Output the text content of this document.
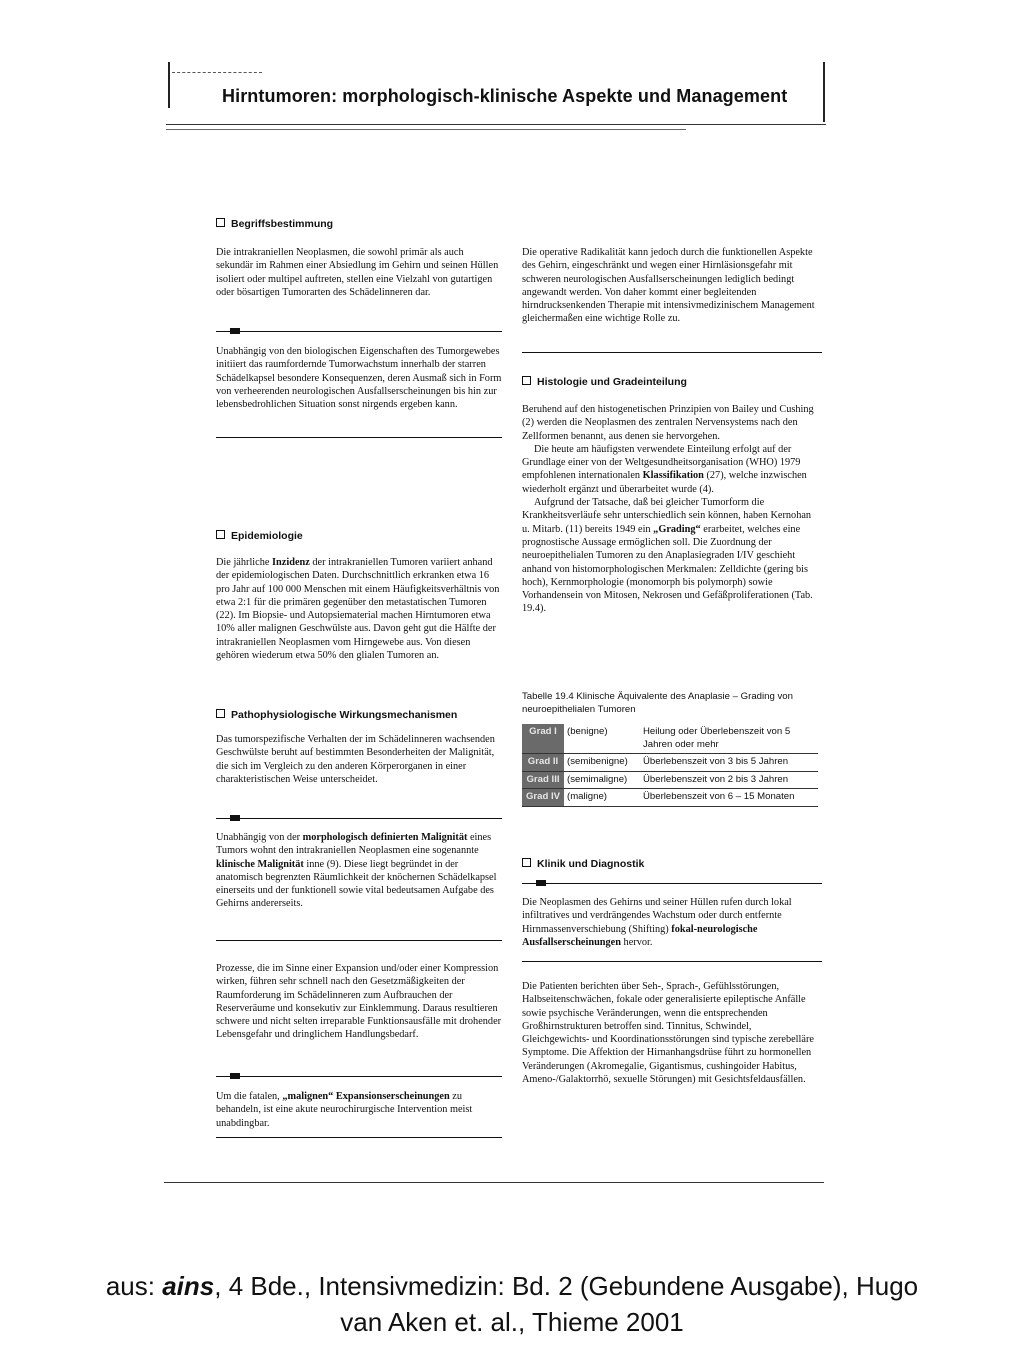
Hirntumoren: morphologisch-klinische Aspekte und Management
Begriffsbestimmung

Die intrakraniellen Neoplasmen, die sowohl primär als auch sekundär im Rahmen einer Absiedlung im Gehirn und seinen Hüllen isoliert oder multipel auftreten, stellen eine Vielzahl von gutartigen oder bösartigen Tumorarten des Schädelinneren dar.

Unabhängig von den biologischen Eigenschaften des Tumorgewebes initiiert das raumfordernde Tumorwachstum innerhalb der starren Schädelkapsel besondere Konsequenzen, deren Ausmaß sich in Form von verheerenden neurologischen Ausfallserscheinungen bis hin zur lebensbedrohlichen Situation sonst nirgends ergeben kann.

Epidemiologie

Die jährliche Inzidenz der intrakraniellen Tumoren variiert anhand der epidemiologischen Daten. Durchschnittlich erkranken etwa 16 pro Jahr auf 100 000 Menschen mit einem Häufigkeitsverhältnis von etwa 2:1 für die primären gegenüber den metastatischen Tumoren (22). Im Biopsie- und Autopsiematerial machen Hirntumoren etwa 10% aller malignen Geschwülste aus. Davon geht gut die Hälfte der intrakraniellen Neoplasmen vom Hirngewebe aus. Von diesen gehören wiederum etwa 50% den glialen Tumoren an.

Pathophysiologische Wirkungsmechanismen

Das tumorspezifische Verhalten der im Schädelinneren wachsenden Geschwülste beruht auf bestimmten Besonderheiten der Malignität, die sich im Vergleich zu den anderen Körperorganen in einer charakteristischen Weise unterscheidet.

Unabhängig von der morphologisch definierten Malignität eines Tumors wohnt den intrakraniellen Neoplasmen eine sogenannte klinische Malignität inne (9). Diese liegt begründet in der anatomisch begrenzten Räumlichkeit der knöchernen Schädelkapsel einerseits und der funktionell sowie vital bedeutsamen Aufgabe des Gehirns andererseits.

Prozesse, die im Sinne einer Expansion und/oder einer Kompression wirken, führen sehr schnell nach den Gesetzmäßigkeiten der Raumforderung im Schädelinneren zum Aufbrauchen der Reserveräume und konsekutiv zur Einklemmung. Daraus resultieren schwere und nicht selten irreparable Funktionsausfälle mit drohender Lebensgefahr und dringlichem Handlungsbedarf.

Um die fatalen, „malignen“ Expansionserscheinungen zu behandeln, ist eine akute neurochirurgische Intervention meist unabdingbar.

Die operative Radikalität kann jedoch durch die funktionellen Aspekte des Gehirn, eingeschränkt und wegen einer Hirnläsionsgefahr mit schweren neurologischen Ausfallserscheinungen lediglich bedingt angewandt werden. Von daher kommt einer begleitenden hirndrucksenkenden Therapie mit intensivmedizinischem Management gleichermaßen eine wichtige Rolle zu.

Histologie und Gradeinteilung

Beruhend auf den histogenetischen Prinzipien von Bailey und Cushing (2) werden die Neoplasmen des zentralen Nervensystems nach den Zellformen benannt, aus denen sie hervorgehen.

Die heute am häufigsten verwendete Einteilung erfolgt auf der Grundlage einer von der Weltgesundheitsorganisation (WHO) 1979 empfohlenen internationalen Klassifikation (27), welche inzwischen wiederholt ergänzt und überarbeitet wurde (4).

Aufgrund der Tatsache, daß bei gleicher Tumorform die Krankheitsverläufe sehr unterschiedlich sein können, haben Kernohan u. Mitarb. (11) bereits 1949 ein „Grading“ erarbeitet, welches eine prognostische Aussage ermöglichen soll. Die Zuordnung der neuroepithelialen Tumoren zu den Anaplasiegraden I/IV geschieht anhand von histomorphologischen Merkmalen: Zelldichte (gering bis hoch), Kernmorphologie (monomorph bis polymorph) sowie Vorhandensein von Mitosen, Nekrosen und Gefäßproliferationen (Tab. 19.4).

Tabelle 19.4 Klinische Äquivalente des Anaplasie – Grading von neuroepithelialen Tumoren
Grad I	(benigne)	Heilung oder Überlebenszeit von 5 Jahren oder mehr
Grad II	(semibenigne)	Überlebenszeit von 3 bis 5 Jahren
Grad III	(semimaligne)	Überlebenszeit von 2 bis 3 Jahren
Grad IV	(maligne)	Überlebenszeit von 6 – 15 Monaten
Klinik und Diagnostik

Die Neoplasmen des Gehirns und seiner Hüllen rufen durch lokal infiltratives und verdrängendes Wachstum oder durch entfernte Hirnmassenverschiebung (Shifting) fokal-neurologische Ausfallserscheinungen hervor.

Die Patienten berichten über Seh-, Sprach-, Gefühlsstörungen, Halbseitenschwächen, fokale oder generalisierte epileptische Anfälle sowie psychische Veränderungen, wenn die entsprechenden Großhirnstrukturen betroffen sind. Tinnitus, Schwindel, Gleichgewichts- und Koordinationsstörungen sind typische zerebelläre Symptome. Die Affektion der Hirnanhangsdrüse führt zu hormonellen Veränderungen (Akromegalie, Gigantismus, cushingoider Habitus, Ameno-/Galaktorrhö, sexuelle Störungen) mit Gesichtsfeldausfällen.

aus: ains, 4 Bde., Intensivmedizin: Bd. 2 (Gebundene Ausgabe), Hugo
van Aken et. al., Thieme 2001
